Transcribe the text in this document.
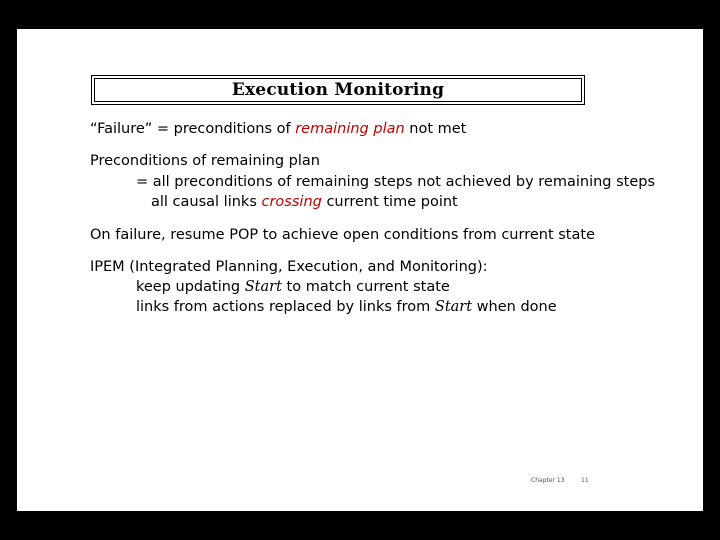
Execution Monitoring
“Failure” = preconditions of remaining plan not met
Preconditions of remaining plan
= all preconditions of remaining steps not achieved by remaining steps
all causal links crossing current time point
On failure, resume POP to achieve open conditions from current state
IPEM (Integrated Planning, Execution, and Monitoring):
keep updating Start to match current state
links from actions replaced by links from Start when done
Chapter 13	11
